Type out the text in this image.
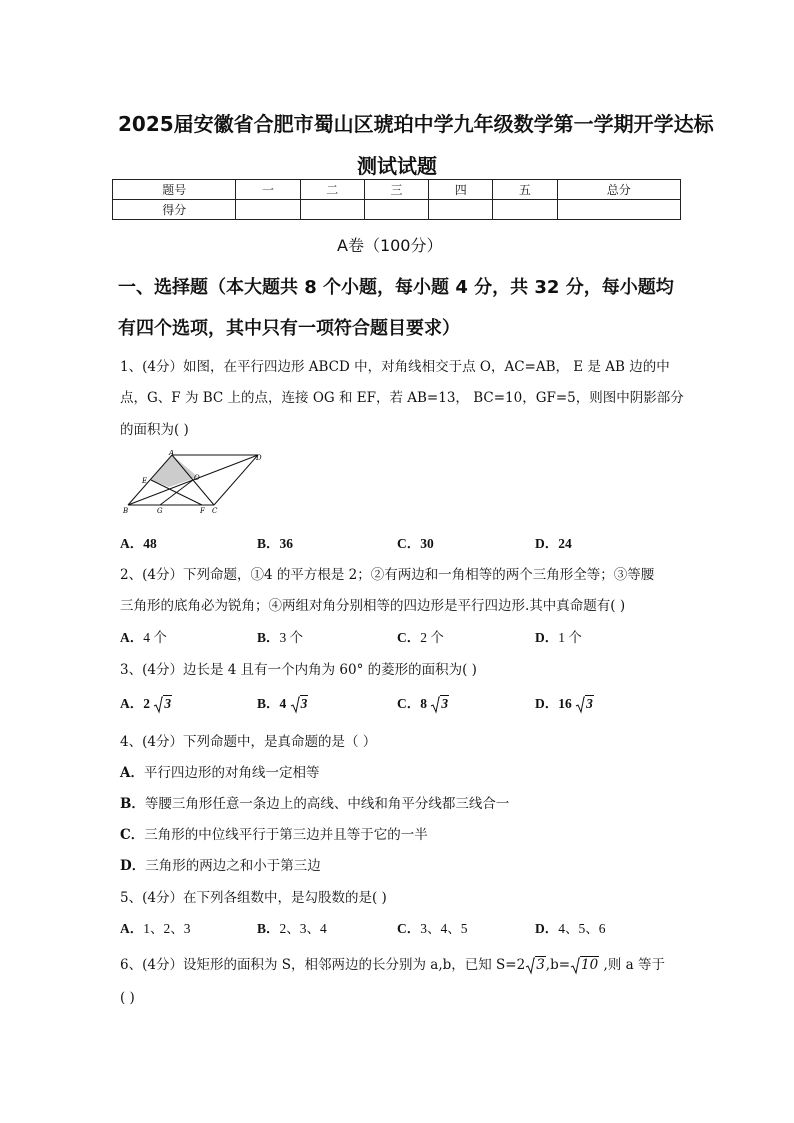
2025届安徽省合肥市蜀山区琥珀中学九年级数学第一学期开学达标
测试试题
题号	一	二	三	四	五	总分
得分						
A卷（100分）
一、选择题（本大题共 8 个小题，每小题 4 分，共 32 分，每小题均
有四个选项，其中只有一项符合题目要求）
1、(4分）如图，在平行四边形 ABCD 中，对角线相交于点 O，AC=AB， E 是 AB 边的中
点，G、F 为 BC 上的点，连接 OG 和 EF，若 AB=13， BC=10，GF=5，则图中阴影部分
的面积为( )
A
D
E	O
B	G	F C
A．48	B．36	C．30	D．24
2、(4分）下列命题，①4 的平方根是 2；②有两边和一角相等的两个三角形全等；③等腰
三角形的底角必为锐角；④两组对角分别相等的四边形是平行四边形.其中真命题有( )
A．4 个	B．3 个	C．2 个	D．1 个
3、(4分）边长是 4 且有一个内角为 60° 的菱形的面积为( )
A．2 3	B．4 3	C．8 3	D．16 3
4、(4分）下列命题中，是真命题的是（ ）
A．平行四边形的对角线一定相等
B．等腰三角形任意一条边上的高线、中线和角平分线都三线合一
C．三角形的中位线平行于第三边并且等于它的一半
D．三角形的两边之和小于第三边
5、(4分）在下列各组数中，是勾股数的是( )
A．1、2、3	B．2、3、4	C．3、4、5	D．4、5、6
6、(4分）设矩形的面积为 S，相邻两边的长分别为 a,b，已知 S=2 3,b= 10 ,则 a 等于
( )
